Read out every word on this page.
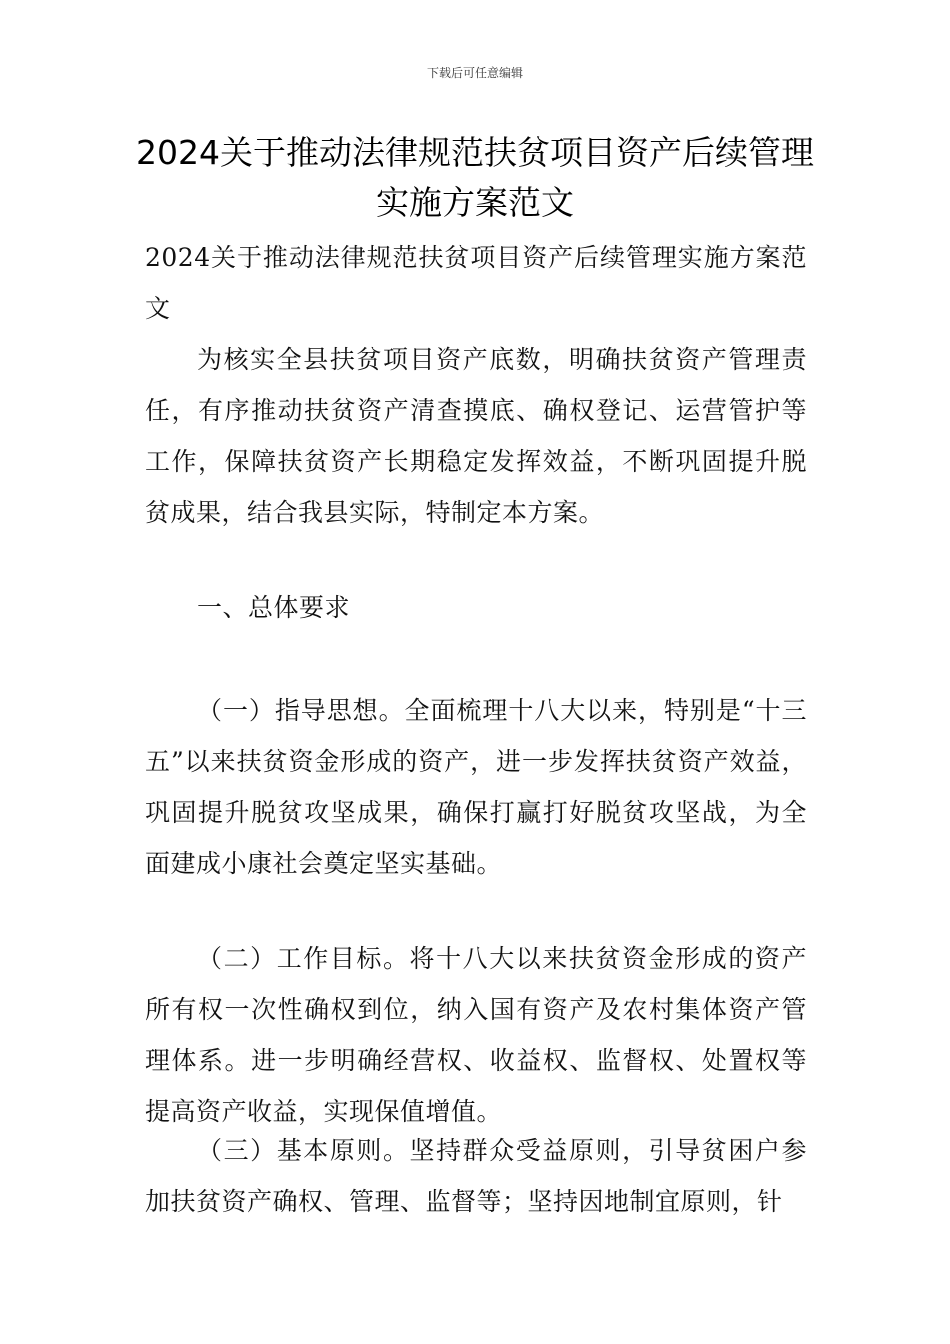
下载后可任意编辑
2024关于推动法律规范扶贫项目资产后续管理实施方案范文

2024关于推动法律规范扶贫项目资产后续管理实施方案范文

为核实全县扶贫项目资产底数，明确扶贫资产管理责任，有序推动扶贫资产清查摸底、确权登记、运营管护等工作，保障扶贫资产长期稳定发挥效益，不断巩固提升脱贫成果，结合我县实际，特制定本方案。

一、总体要求

（一）指导思想。全面梳理十八大以来，特别是“十三五”以来扶贫资金形成的资产，进一步发挥扶贫资产效益，巩固提升脱贫攻坚成果，确保打赢打好脱贫攻坚战，为全面建成小康社会奠定坚实基础。

（二）工作目标。将十八大以来扶贫资金形成的资产所有权一次性确权到位，纳入国有资产及农村集体资产管理体系。进一步明确经营权、收益权、监督权、处置权等提高资产收益，实现保值增值。

（三）基本原则。坚持群众受益原则，引导贫困户参加扶贫资产确权、管理、监督等；坚持因地制宜原则，针
